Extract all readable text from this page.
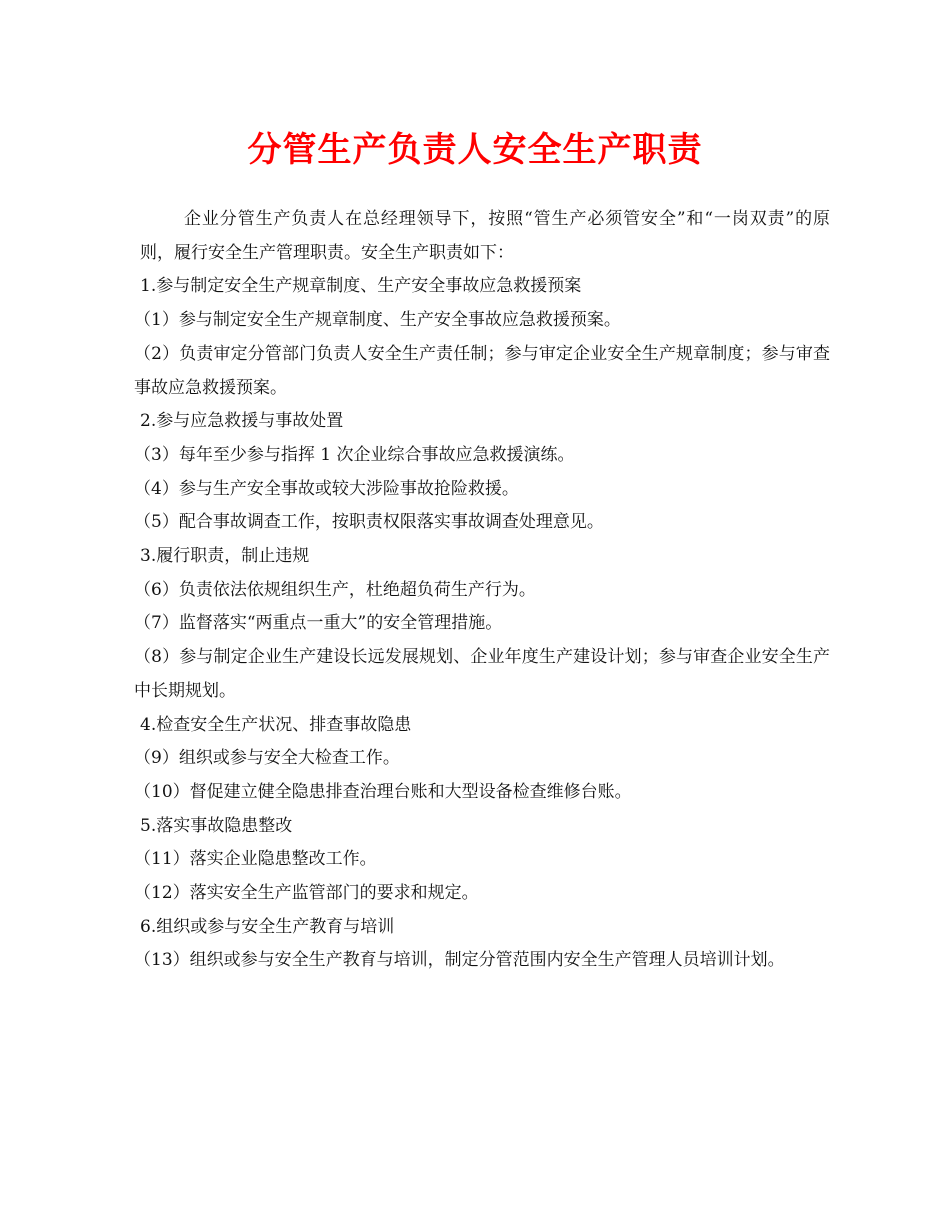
分管生产负责人安全生产职责

企业分管生产负责人在总经理领导下，按照“管生产必须管安全”和“一岗双责”的原则，履行安全生产管理职责。安全生产职责如下：

1.参与制定安全生产规章制度、生产安全事故应急救援预案

（1）参与制定安全生产规章制度、生产安全事故应急救援预案。

（2）负责审定分管部门负责人安全生产责任制；参与审定企业安全生产规章制度；参与审查事故应急救援预案。

2.参与应急救援与事故处置

（3）每年至少参与指挥 1 次企业综合事故应急救援演练。

（4）参与生产安全事故或较大涉险事故抢险救援。

（5）配合事故调查工作，按职责权限落实事故调查处理意见。

3.履行职责，制止违规

（6）负责依法依规组织生产，杜绝超负荷生产行为。

（7）监督落实“两重点一重大”的安全管理措施。

（8）参与制定企业生产建设长远发展规划、企业年度生产建设计划；参与审查企业安全生产中长期规划。

4.检查安全生产状况、排查事故隐患

（9）组织或参与安全大检查工作。

（10）督促建立健全隐患排查治理台账和大型设备检查维修台账。

5.落实事故隐患整改

（11）落实企业隐患整改工作。

（12）落实安全生产监管部门的要求和规定。

6.组织或参与安全生产教育与培训

（13）组织或参与安全生产教育与培训，制定分管范围内安全生产管理人员培训计划。
